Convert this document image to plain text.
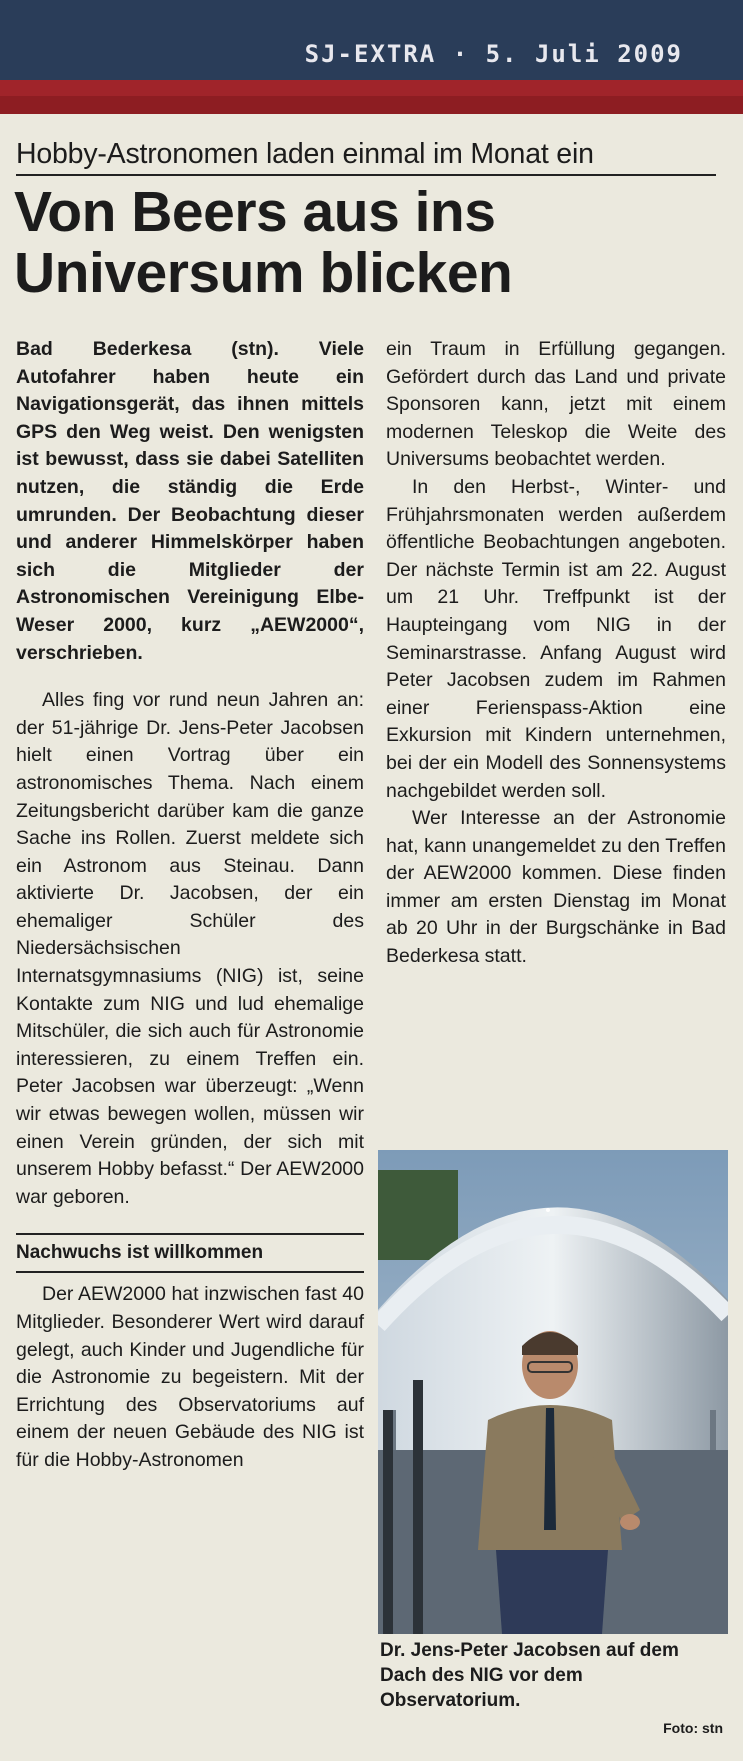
SJ-EXTRA · 5. Juli 2009
Hobby-Astronomen laden einmal im Monat ein
Von Beers aus ins
Universum blicken

Bad Bederkesa (stn). Viele Autofahrer haben heute ein Navigationsgerät, das ihnen mittels GPS den Weg weist. Den wenigsten ist bewusst, dass sie dabei Satelliten nutzen, die ständig die Erde umrunden. Der Beobachtung dieser und anderer Himmelskörper haben sich die Mitglieder der Astronomischen Vereinigung Elbe-Weser 2000, kurz „AEW2000“, verschrieben.

Alles fing vor rund neun Jahren an: der 51-jährige Dr. Jens-Peter Jacobsen hielt einen Vortrag über ein astronomisches Thema. Nach einem Zeitungsbericht darüber kam die ganze Sache ins Rollen. Zuerst meldete sich ein Astronom aus Steinau. Dann aktivierte Dr. Jacobsen, der ein ehemaliger Schüler des Niedersächsischen Internatsgymnasiums (NIG) ist, seine Kontakte zum NIG und lud ehemalige Mitschüler, die sich auch für Astronomie interessieren, zu einem Treffen ein. Peter Jacobsen war überzeugt: „Wenn wir etwas bewegen wollen, müssen wir einen Verein gründen, der sich mit unserem Hobby befasst.“ Der AEW2000 war geboren.

Nachwuchs ist willkommen

Der AEW2000 hat inzwischen fast 40 Mitglieder. Besonderer Wert wird darauf gelegt, auch Kinder und Jugendliche für die Astronomie zu begeistern. Mit der Errichtung des Observatoriums auf einem der neuen Gebäude des NIG ist für die Hobby-Astronomen

ein Traum in Erfüllung gegangen. Gefördert durch das Land und private Sponsoren kann, jetzt mit einem modernen Teleskop die Weite des Universums beobachtet werden.

In den Herbst-, Winter- und Frühjahrsmonaten werden außerdem öffentliche Beobachtungen angeboten. Der nächste Termin ist am 22. August um 21 Uhr. Treffpunkt ist der Haupteingang vom NIG in der Seminarstrasse. Anfang August wird Peter Jacobsen zudem im Rahmen einer Ferienspass-Aktion eine Exkursion mit Kindern unternehmen, bei der ein Modell des Sonnensystems nachgebildet werden soll.

Wer Interesse an der Astronomie hat, kann unangemeldet zu den Treffen der AEW2000 kommen. Diese finden immer am ersten Dienstag im Monat ab 20 Uhr in der Burgschänke in Bad Bederkesa statt.

Dr. Jens-Peter Jacobsen auf dem Dach des NIG vor dem Observatorium.
Foto: stn
